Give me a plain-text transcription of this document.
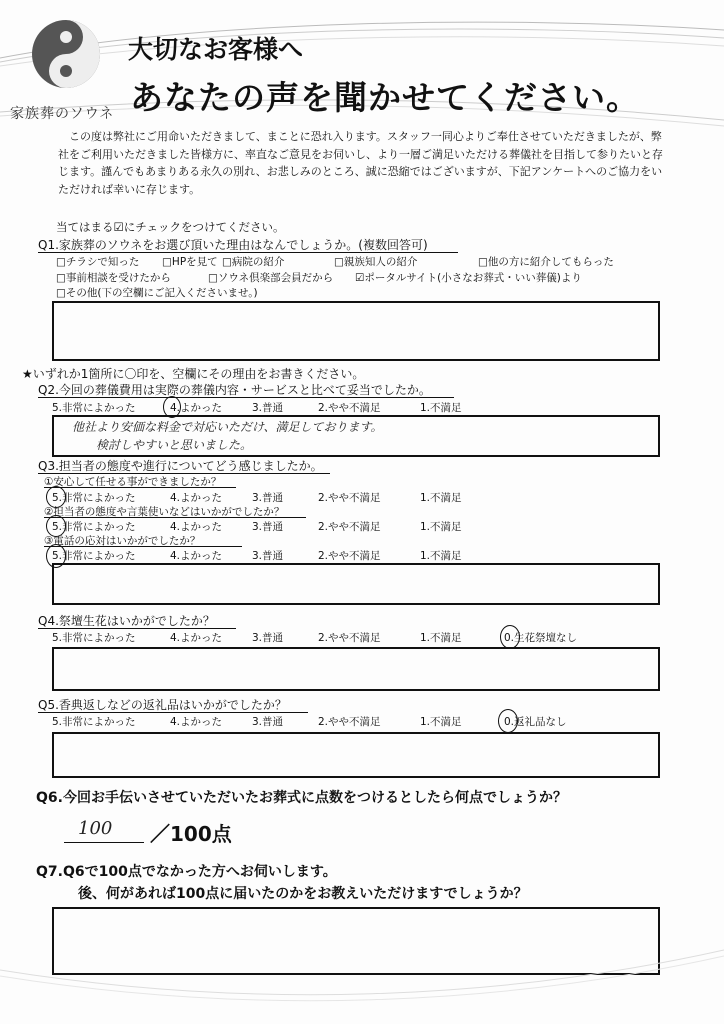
家族葬のソウネ
大切なお客様へ
あなたの声を聞かせてください。
この度は弊社にご用命いただきまして、まことに恐れ入ります。スタッフ一同心よりご奉仕させていただきましたが、弊社をご利用いただきました皆様方に、率直なご意見をお伺いし、より一層ご満足いただける葬儀社を目指して参りたいと存じます。謹んでもあまりある永久の別れ、お悲しみのところ、誠に恐縮ではございますが、下記アンケートへのご協力をいただければ幸いに存じます。
当てはまる☑にチェックをつけてください。
Q1.家族葬のソウネをお選び頂いた理由はなんでしょうか。(複数回答可)
□チラシで知った □HPを見て □病院の紹介	□親族知人の紹介	□他の方に紹介してもらった
□事前相談を受けたから	□ソウネ倶楽部会員だから ☑ポータルサイト(小さなお葬式・いい葬儀)より
□その他(下の空欄にご記入くださいませ。)
★いずれか1箇所に〇印を、空欄にその理由をお書きください。
Q2.今回の葬儀費用は実際の葬儀内容・サービスと比べて妥当でしたか。
5.非常によかった	4.よかった	3.普通	2.やや不満足	1.不満足
他社より安価な料金で対応いただけ、満足しております。
検討しやすいと思いました。
Q3.担当者の態度や進行についてどう感じましたか。
①安心して任せる事ができましたか？
5.非常によかった	4.よかった	3.普通	2.やや不満足	1.不満足
②担当者の態度や言葉使いなどはいかがでしたか？
5.非常によかった	4.よかった	3.普通	2.やや不満足	1.不満足
③電話の応対はいかがでしたか？
5.非常によかった	4.よかった	3.普通	2.やや不満足	1.不満足
Q4.祭壇生花はいかがでしたか？
5.非常によかった	4.よかった	3.普通	2.やや不満足	1.不満足	0.生花祭壇なし
Q5.香典返しなどの返礼品はいかがでしたか？
5.非常によかった	4.よかった	3.普通	2.やや不満足	1.不満足	0.返礼品なし
Q6.今回お手伝いさせていただいたお葬式に点数をつけるとしたら何点でしょうか？
100 ／100点
Q7.Q6で100点でなかった方へお伺いします。
後、何があれば100点に届いたのかをお教えいただけますでしょうか？
